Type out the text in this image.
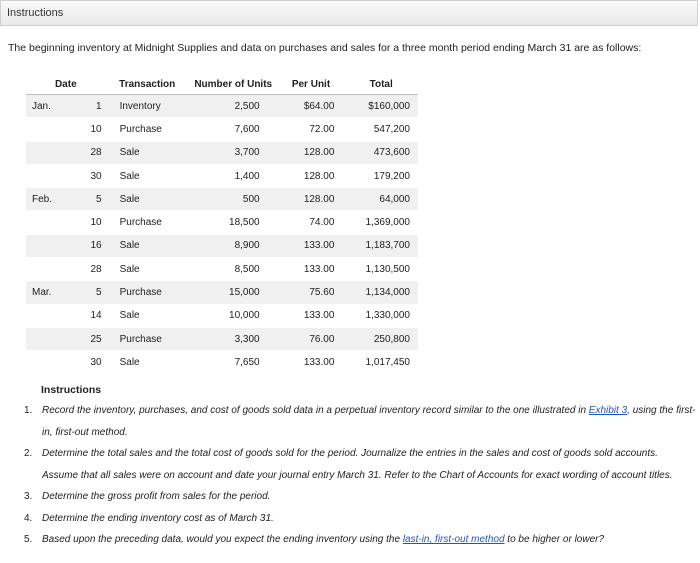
Instructions
The beginning inventory at Midnight Supplies and data on purchases and sales for a three month period ending March 31 are as follows:
Date		Transaction	Number of Units	Per Unit	Total
Jan.	1	Inventory	2,500	$64.00	$160,000
	10	Purchase	7,600	72.00	547,200
	28	Sale	3,700	128.00	473,600
	30	Sale	1,400	128.00	179,200
Feb.	5	Sale	500	128.00	64,000
	10	Purchase	18,500	74.00	1,369,000
	16	Sale	8,900	133.00	1,183,700
	28	Sale	8,500	133.00	1,130,500
Mar.	5	Purchase	15,000	75.60	1,134,000
	14	Sale	10,000	133.00	1,330,000
	25	Purchase	3,300	76.00	250,800
	30	Sale	7,650	133.00	1,017,450
Instructions
1. Record the inventory, purchases, and cost of goods sold data in a perpetual inventory record similar to the one illustrated in Exhibit 3, using the first-in, first-out method.
2. Determine the total sales and the total cost of goods sold for the period. Journalize the entries in the sales and cost of goods sold accounts. Assume that all sales were on account and date your journal entry March 31. Refer to the Chart of Accounts for exact wording of account titles.
3. Determine the gross profit from sales for the period.
4. Determine the ending inventory cost as of March 31.
5. Based upon the preceding data, would you expect the ending inventory using the last-in, first-out method to be higher or lower?
